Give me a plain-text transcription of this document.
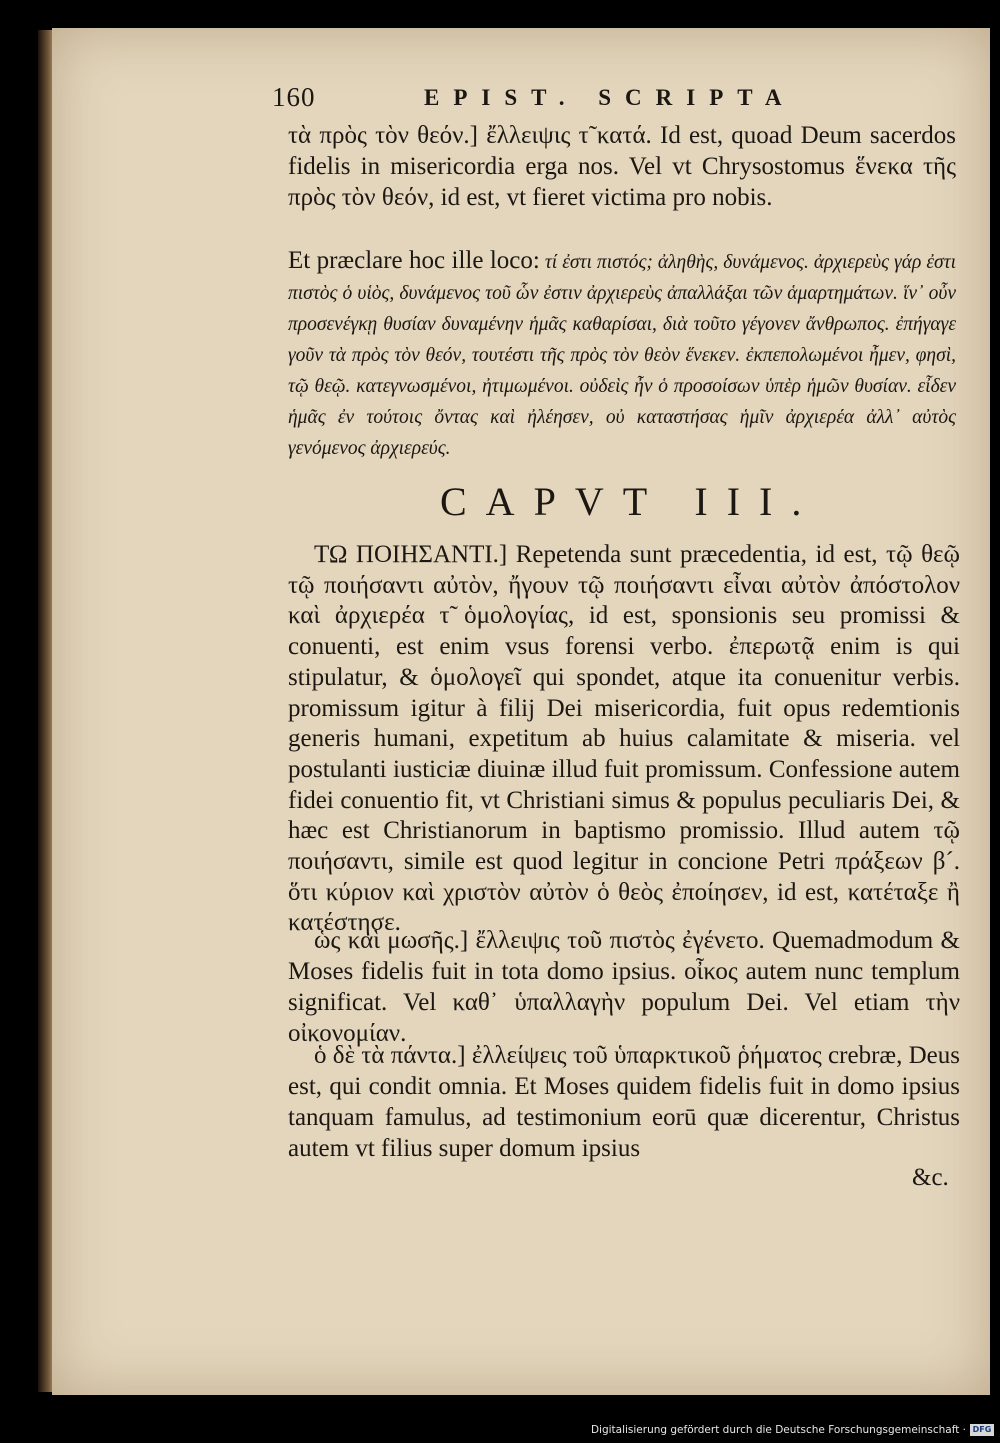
160	EPIST. SCRIPTA

τὰ πρὸς τὸν θεόν.] ἔλλειψις τ̃ κατά. Id est, quoad Deum sacerdos fidelis in misericordia erga nos. Vel vt Chrysostomus ἕνεκα τῆς πρὸς τὸν θεόν, id est, vt fieret victima pro nobis.

Et præclare hoc ille loco: τί ἐστι πιστός; ἀληθὴς, δυνάμενος. ἀρχιερεὺς γάρ ἐστι πιστὸς ὁ υἱὸς, δυνάμενος τοῦ ὧν ἐστιν ἀρχιερεὺς ἀπαλλάξαι τῶν ἁμαρτημάτων. ἵν᾽ οὖν προσενέγκῃ θυσίαν δυναμένην ἡμᾶς καθαρίσαι, διὰ τοῦτο γέγονεν ἄνθρωπος. ἐπήγαγε γοῦν τὰ πρὸς τὸν θεόν, τουτέστι τῆς πρὸς τὸν θεὸν ἕνεκεν. ἐκπεπολωμένοι ἦμεν, φησὶ, τῷ θεῷ. κατεγνωσμένοι, ἠτιμωμένοι. οὐδεὶς ἦν ὁ προσοίσων ὑπὲρ ἡμῶν θυσίαν. εἶδεν ἡμᾶς ἐν τούτοις ὄντας καὶ ἠλέησεν, οὐ καταστήσας ἡμῖν ἀρχιερέα ἀλλ᾽ αὐτὸς γενόμενος ἀρχιερεύς.

CAPVT III.

ΤΩ ΠΟΙΗΣΑΝΤΙ.] Repetenda sunt præcedentia, id est, τῷ θεῷ τῷ ποιήσαντι αὐτὸν, ἤγουν τῷ ποιήσαντι εἶναι αὐτὸν ἀπόστολον καὶ ἀρχιερέα τ̃ ὁμολογίας, id est, sponsionis seu promissi & conuenti, est enim vsus forensi verbo. ἐπερωτᾷ enim is qui stipulatur, & ὁμολογεῖ qui spondet, atque ita conuenitur verbis. promissum igitur à filij Dei misericordia, fuit opus redemtionis generis humani, expetitum ab huius calamitate & miseria. vel postulanti iusticiæ diuinæ illud fuit promissum. Confessione autem fidei conuentio fit, vt Christiani simus & populus peculiaris Dei, & hæc est Christianorum in baptismo promissio. Illud autem τῷ ποιήσαντι, simile est quod legitur in concione Petri πράξεων β´. ὅτι κύριον καὶ χριστὸν αὐτὸν ὁ θεὸς ἐποίησεν, id est, κατέταξε ἢ κατέστησε.

ὡς καὶ μωσῆς.] ἔλλειψις τοῦ πιστὸς ἐγένετο. Quemadmodum & Moses fidelis fuit in tota domo ipsius. οἶκος autem nunc templum significat. Vel καθ᾽ ὑπαλλαγὴν populum Dei. Vel etiam τὴν οἰκονομίαν.

ὁ δὲ τὰ πάντα.] ἐλλείψεις τοῦ ὑπαρκτικοῦ ῥήματος crebræ, Deus est, qui condit omnia. Et Moses quidem fidelis fuit in domo ipsius tanquam famulus, ad testimonium eorū quæ dicerentur, Christus autem vt filius super domum ipsius

&c.
Digitalisierung gefördert durch die Deutsche Forschungsgemeinschaft · DFG
